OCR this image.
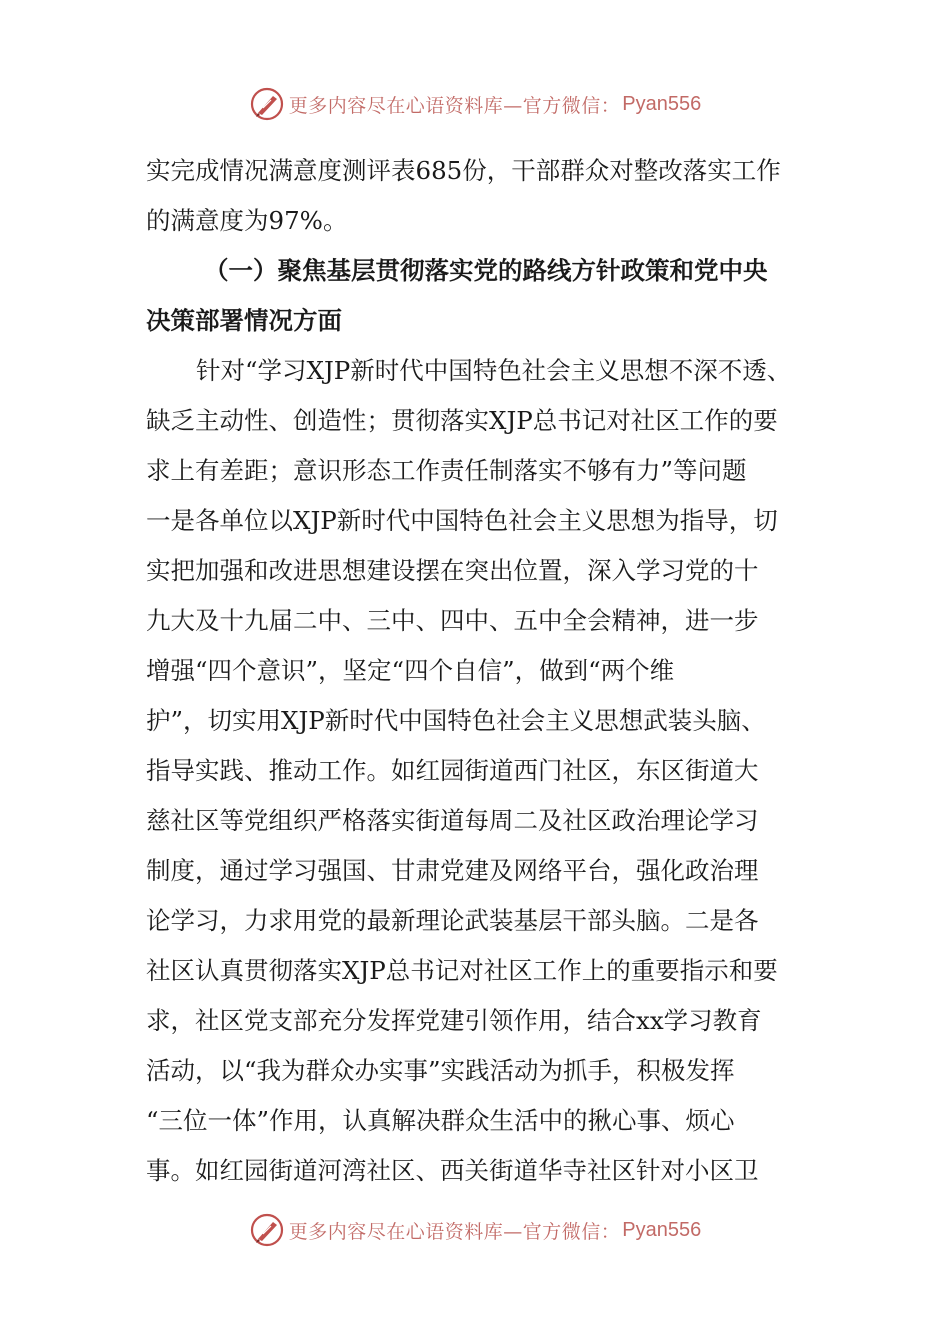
更多内容尽在心语资料库—官方微信： Pyan556
实完成情况满意度测评表685份，干部群众对整改落实工作
的满意度为97%。
（一）聚焦基层贯彻落实党的路线方针政策和党中央
决策部署情况方面
针对“学习XJP新时代中国特色社会主义思想不深不透、
缺乏主动性、创造性；贯彻落实XJP总书记对社区工作的要
求上有差距；意识形态工作责任制落实不够有力”等问题
一是各单位以XJP新时代中国特色社会主义思想为指导，切
实把加强和改进思想建设摆在突出位置，深入学习党的十
九大及十九届二中、三中、四中、五中全会精神，进一步
增强“四个意识”，坚定“四个自信”，做到“两个维
护”，切实用XJP新时代中国特色社会主义思想武装头脑、
指导实践、推动工作。如红园街道西门社区，东区街道大
慈社区等党组织严格落实街道每周二及社区政治理论学习
制度，通过学习强国、甘肃党建及网络平台，强化政治理
论学习，力求用党的最新理论武装基层干部头脑。二是各
社区认真贯彻落实XJP总书记对社区工作上的重要指示和要
求，社区党支部充分发挥党建引领作用，结合xx学习教育
活动，以“我为群众办实事”实践活动为抓手，积极发挥
“三位一体”作用，认真解决群众生活中的揪心事、烦心
事。如红园街道河湾社区、西关街道华寺社区针对小区卫
更多内容尽在心语资料库—官方微信： Pyan556
